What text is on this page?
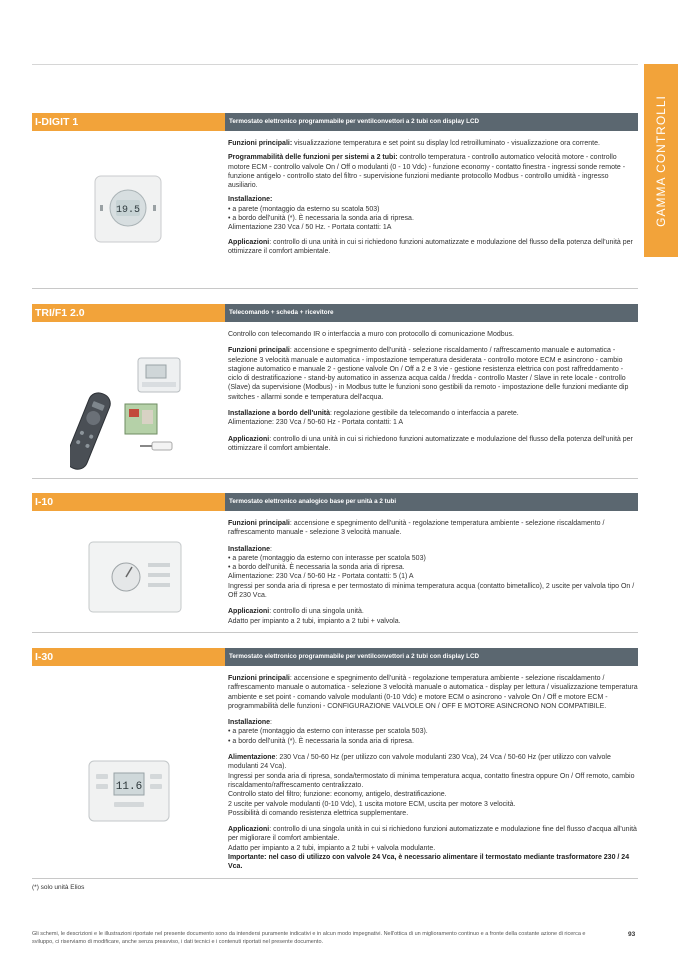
GAMMA CONTROLLI
I-DIGIT 1	Termostato elettronico programmabile per ventilconvettori a 2 tubi con display LCD
19.5

Funzioni principali: visualizzazione temperatura e set point su display lcd retroilluminato - visualizzazione ora corrente.

Programmabilità delle funzioni per sistemi a 2 tubi: controllo temperatura - controllo automatico velocità motore - controllo motore ECM - controllo valvole On / Off o modulanti (0 - 10 Vdc) - funzione economy - contatto finestra - ingressi sonde remote - funzione antigelo - controllo stato del filtro - supervisione funzioni mediante protocollo Modbus - controllo umidità - ingresso ausiliario.

Installazione:
• a parete (montaggio da esterno su scatola 503)
• a bordo dell'unità (*). È necessaria la sonda aria di ripresa.
Alimentazione 230 Vca / 50 Hz. - Portata contatti: 1A

Applicazioni: controllo di una unità in cui si richiedono funzioni automatizzate e modulazione del flusso della potenza dell'unità per ottimizzare il comfort ambientale.

TRI/F1 2.0	Telecomando + scheda + ricevitore

Controllo con telecomando IR o interfaccia a muro con protocollo di comunicazione Modbus.

Funzioni principali: accensione e spegnimento dell'unità - selezione riscaldamento / raffrescamento manuale e automatica - selezione 3 velocità manuale e automatica - impostazione temperatura desiderata - controllo motore ECM e asincrono - cambio stagione automatico e manuale 2 - gestione valvole On / Off a 2 e 3 vie - gestione resistenza elettrica con post raffreddamento - ciclo di destratificazione - stand-by automatico in assenza acqua calda / fredda - controllo Master / Slave in rete locale - controllo (Slave) da supervisione (Modbus) - in Modbus tutte le funzioni sono gestibili da remoto - impostazione delle funzioni mediante dip switches - allarmi sonde e temperatura dell'acqua.

Installazione a bordo dell'unità: regolazione gestibile da telecomando o interfaccia a parete.
Alimentazione: 230 Vca / 50-60 Hz - Portata contatti: 1 A

Applicazioni: controllo di una unità in cui si richiedono funzioni automatizzate e modulazione del flusso della potenza dell'unità per ottimizzare il comfort ambientale.

I-10	Termostato elettronico analogico base per unità a 2 tubi

Funzioni principali: accensione e spegnimento dell'unità - regolazione temperatura ambiente - selezione riscaldamento / raffrescamento manuale - selezione 3 velocità manuale.

Installazione:
• a parete (montaggio da esterno con interasse per scatola 503)
• a bordo dell'unità. È necessaria la sonda aria di ripresa.
Alimentazione: 230 Vca / 50-60 Hz - Portata contatti: 5 (1) A
Ingressi per sonda aria di ripresa e per termostato di minima temperatura acqua (contatto bimetallico), 2 uscite per valvola tipo On / Off 230 Vca.

Applicazioni: controllo di una singola unità.
Adatto per impianto a 2 tubi, impianto a 2 tubi + valvola.

I-30	Termostato elettronico programmabile per ventilconvettori a 2 tubi con display LCD
11.6

Funzioni principali: accensione e spegnimento dell'unità - regolazione temperatura ambiente - selezione riscaldamento / raffrescamento manuale o automatica - selezione 3 velocità manuale o automatica - display per lettura / visualizzazione temperatura ambiente e set point - comando valvole modulanti (0-10 Vdc) e motore ECM o asincrono - valvole On / Off e motore ECM - programmabilità delle funzioni - CONFIGURAZIONE VALVOLE ON / OFF E MOTORE ASINCRONO NON COMPATIBILE.

Installazione:
• a parete (montaggio da esterno con interasse per scatola 503).
• a bordo dell'unità (*). È necessaria la sonda aria di ripresa.

Alimentazione: 230 Vca / 50-60 Hz (per utilizzo con valvole modulanti 230 Vca), 24 Vca / 50-60 Hz (per utilizzo con valvole modulanti 24 Vca).
Ingressi per sonda aria di ripresa, sonda/termostato di minima temperatura acqua, contatto finestra oppure On / Off remoto, cambio riscaldamento/raffrescamento centralizzato.
Controllo stato del filtro; funzione: economy, antigelo, destratificazione.
2 uscite per valvole modulanti (0-10 Vdc), 1 uscita motore ECM, uscita per motore 3 velocità.
Possibilità di comando resistenza elettrica supplementare.

Applicazioni: controllo di una singola unità in cui si richiedono funzioni automatizzate e modulazione fine del flusso d'acqua all'unità per migliorare il comfort ambientale.
Adatto per impianto a 2 tubi, impianto a 2 tubi + valvola modulante.

Importante: nel caso di utilizzo con valvole 24 Vca, è necessario alimentare il termostato mediante trasformatore 230 / 24 Vca.

(*) solo unità Elios
Gli schemi, le descrizioni e le illustrazioni riportate nel presente documento sono da intendersi puramente indicativi e in alcun modo impegnativi. Nell'ottica di un miglioramento continuo e a fronte della costante azione di ricerca e sviluppo, ci riserviamo di modificare, anche senza preavviso, i dati tecnici e i contenuti riportati nel presente documento.
93
